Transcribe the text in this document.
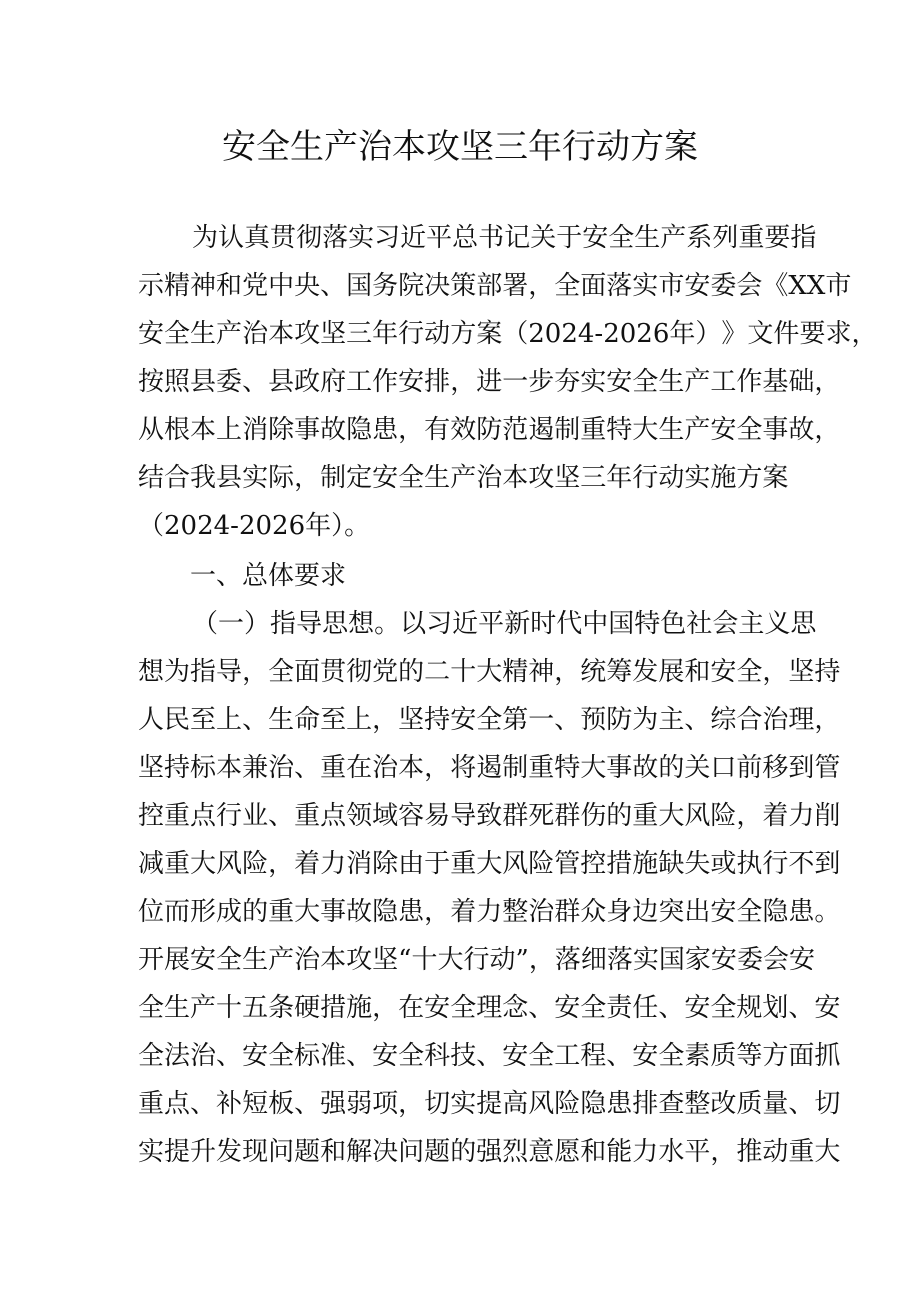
安全生产治本攻坚三年行动方案
为 认 真 贯 彻 落 实 习 近 平 总 书 记 关 于 安 全 生 产 系 列 重 要 指
示 精 神 和 党 中 央 、 国 务 院 决 策 部 署 ， 全 面 落 实 市 安 委 会 《 XX 市
安 全 生 产 治 本 攻 坚 三 年 行 动 方 案 （ 2024-2026 年 ） 》 文 件 要 求 ，
按 照 县 委 、 县 政 府 工 作 安 排 ， 进 一 步 夯 实 安 全 生 产 工 作 基 础 ，
从 根 本 上 消 除 事 故 隐 患 ， 有 效 防 范 遏 制 重 特 大 生 产 安 全 事 故 ，
结 合 我 县 实 际 ， 制 定 安 全 生 产 治 本 攻 坚 三 年 行 动 实 施 方 案
（2024-2026年）。
一、总体要求
（ 一 ） 指 导 思 想 。 以 习 近 平 新 时 代 中 国 特 色 社 会 主 义 思
想 为 指 导 ， 全 面 贯 彻 党 的 二 十 大 精 神 ， 统 筹 发 展 和 安 全 ， 坚 持
人 民 至 上 、 生 命 至 上 ， 坚 持 安 全 第 一 、 预 防 为 主 、 综 合 治 理 ，
坚 持 标 本 兼 治 、 重 在 治 本 ， 将 遏 制 重 特 大 事 故 的 关 口 前 移 到 管
控 重 点 行 业 、 重 点 领 域 容 易 导 致 群 死 群 伤 的 重 大 风 险 ， 着 力 削
减 重 大 风 险 ， 着 力 消 除 由 于 重 大 风 险 管 控 措 施 缺 失 或 执 行 不 到
位 而 形 成 的 重 大 事 故 隐 患 ， 着 力 整 治 群 众 身 边 突 出 安 全 隐 患 。
开 展 安 全 生 产 治 本 攻 坚 “ 十 大 行 动 ” ， 落 细 落 实 国 家 安 委 会 安
全 生 产 十 五 条 硬 措 施 ， 在 安 全 理 念 、 安 全 责 任 、 安 全 规 划 、 安
全 法 治 、 安 全 标 准 、 安 全 科 技 、 安 全 工 程 、 安 全 素 质 等 方 面 抓
重 点 、 补 短 板 、 强 弱 项 ， 切 实 提 高 风 险 隐 患 排 查 整 改 质 量 、 切
实 提 升 发 现 问 题 和 解 决 问 题 的 强 烈 意 愿 和 能 力 水 平 ， 推 动 重 大
